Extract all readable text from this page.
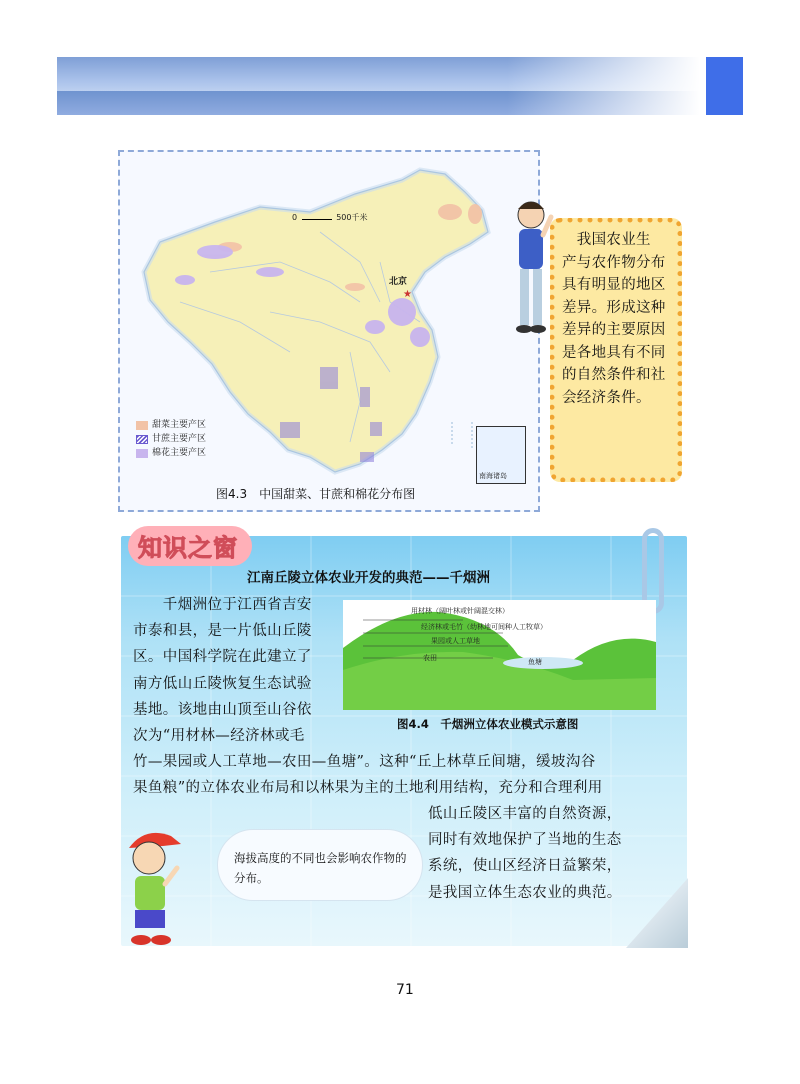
★
0	500千米
北京
南海诸岛
甜菜主要产区
甘蔗主要产区
棉花主要产区
图4.3　中国甜菜、甘蔗和棉花分布图
　我国农业生
产与农作物分布
具有明显的地区
差异。形成这种
差异的主要原因
是各地具有不同
的自然条件和社
会经济条件。
知识之窗
江南丘陵立体农业开发的典范——千烟洲
　　千烟洲位于江西省吉安
市泰和县，是一片低山丘陵
区。中国科学院在此建立了
南方低山丘陵恢复生态试验
基地。该地由山顶至山谷依
次为“用材林—经济林或毛
用材林（阔叶林或针阔混交林）
经济林或毛竹（幼林地可间种人工牧草）
果园或人工草地
农田	鱼塘
图4.4　千烟洲立体农业模式示意图
竹—果园或人工草地—农田—鱼塘”。这种“丘上林草丘间塘，缓坡沟谷
果鱼粮”的立体农业布局和以林果为主的土地利用结构，充分和合理利用
低山丘陵区丰富的自然资源，
同时有效地保护了当地的生态
系统，使山区经济日益繁荣，
是我国立体生态农业的典范。
海拔高度的不同也会影响农作物的分布。
71
